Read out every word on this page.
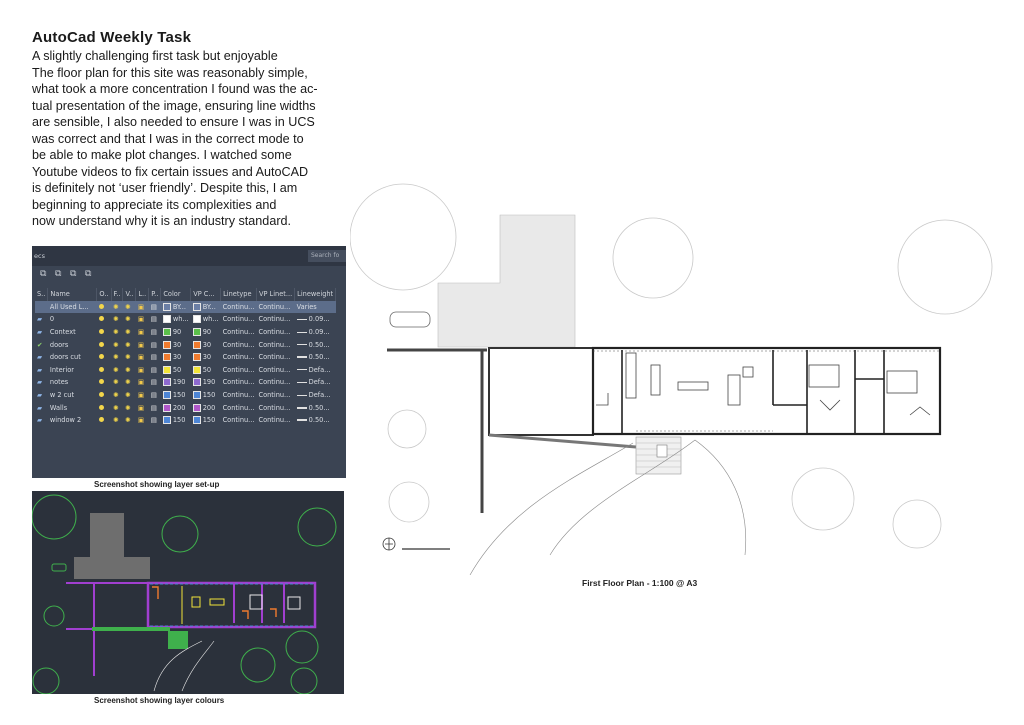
AutoCad Weekly Task
A slightly challenging first task but enjoyable
The floor plan for this site was reasonably simple,
what took a more concentration I found was the ac-
tual presentation of the image, ensuring line widths
are sensible, I also needed to ensure I was in UCS
was correct and that I was in the correct mode to
be able to make plot changes. I watched some
Youtube videos to fix certain issues and AutoCAD
is definitely not ‘user friendly’. Despite this, I am
beginning to appreciate its complexities and
now understand why it is an industry standard.
ecs	Search fo
⧉ ⧉ ⧉ ⧉
S..	Name	O..	F..	V..	L..	P..	Color	VP C...	Linetype	VP Linet...	Lineweight
	All Used L...		✺	✺	▣	▤	BY...	BY...	Continu...	Continu...	Varies
▰	0		✺	✺	▣	▤	wh...	wh...	Continu...	Continu...	0.09...
▰	Context		✺	✺	▣	▤	90	90	Continu...	Continu...	0.09...
✔	doors		✺	✺	▣	▤	30	30	Continu...	Continu...	0.50...
▰	doors cut		✺	✺	▣	▤	30	30	Continu...	Continu...	0.50...
▰	Interior		✺	✺	▣	▤	50	50	Continu...	Continu...	Defa...
▰	notes		✺	✺	▣	▤	190	190	Continu...	Continu...	Defa...
▰	w 2 cut		✺	✺	▣	▤	150	150	Continu...	Continu...	Defa...
▰	Walls		✺	✺	▣	▤	200	200	Continu...	Continu...	0.50...
▰	window 2		✺	✺	▣	▤	150	150	Continu...	Continu...	0.50...
Screenshot showing layer set-up
Screenshot showing layer colours
First Floor Plan - 1:100 @ A3
